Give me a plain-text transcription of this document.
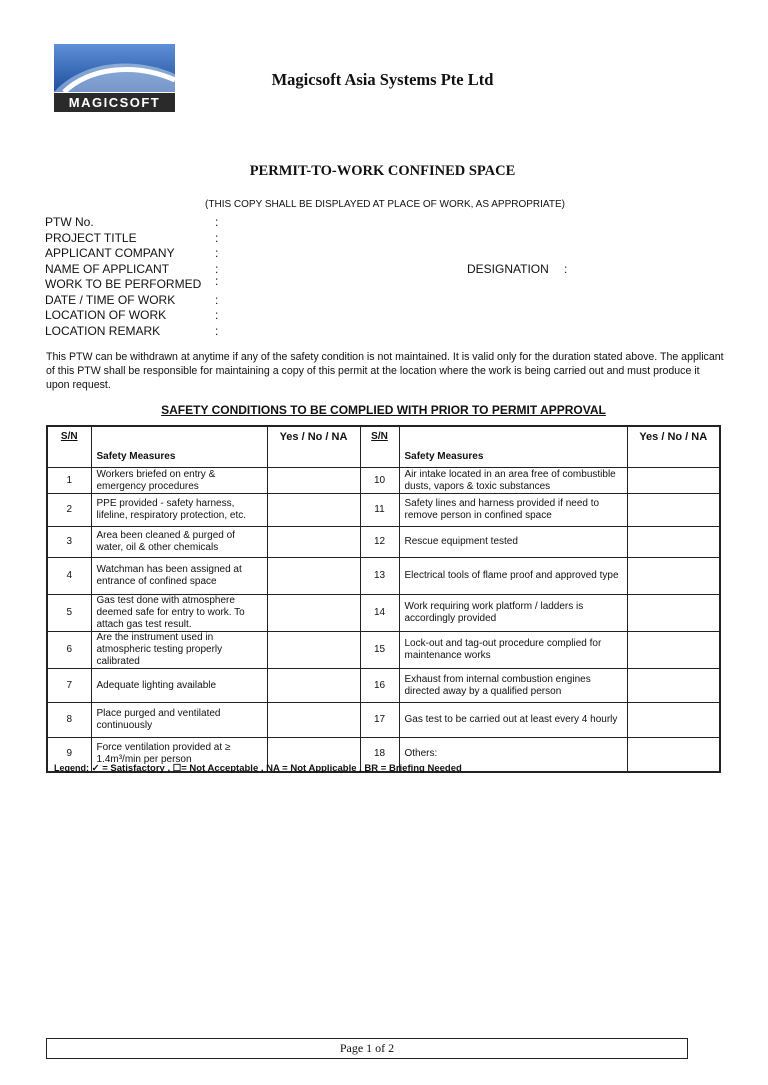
MAGICSOFT
Magicsoft Asia Systems Pte Ltd
PERMIT-TO-WORK CONFINED SPACE
(THIS COPY SHALL BE DISPLAYED AT PLACE OF WORK, AS APPROPRIATE)
PTW No.	:
PROJECT TITLE	:
APPLICANT COMPANY	:
NAME OF APPLICANT	:	DESIGNATION :
WORK TO BE PERFORMED :
DATE / TIME OF WORK	:
LOCATION OF WORK	:
LOCATION REMARK	:
This PTW can be withdrawn at anytime if any of the safety condition is not maintained. It is valid only for the duration stated above. The applicant of this PTW shall be responsible for maintaining a copy of this permit at the location where the work is being carried out and must produce it upon request.
SAFETY CONDITIONS TO BE COMPLIED WITH PRIOR TO PERMIT APPROVAL
S/N	Safety Measures	Yes / No / NA	S/N	Safety Measures	Yes / No / NA
1	Workers briefed on entry & emergency procedures		10	Air intake located in an area free of combustible dusts, vapors & toxic substances	
2	PPE provided - safety harness, lifeline, respiratory protection, etc.		11	Safety lines and harness provided if need to remove person in confined space	
3	Area been cleaned & purged of water, oil & other chemicals		12	Rescue equipment tested	
4	Watchman has been assigned at entrance of confined space		13	Electrical tools of flame proof and approved type	
5	Gas test done with atmosphere deemed safe for entry to work. To attach gas test result.		14	Work requiring work platform / ladders is accordingly provided	
6	Are the instrument used in atmospheric testing properly calibrated		15	Lock-out and tag-out procedure complied for maintenance works	
7	Adequate lighting available		16	Exhaust from internal combustion engines directed away by a qualified person	
8	Place purged and ventilated continuously		17	Gas test to be carried out at least every 4 hourly	
9	Force ventilation provided at ≥ 1.4m³/min per person		18	Others:	
Legend: ✓ = Satisfactory , ☐= Not Acceptable , NA = Not Applicable , BR = Briefing Needed
Page 1 of 2
